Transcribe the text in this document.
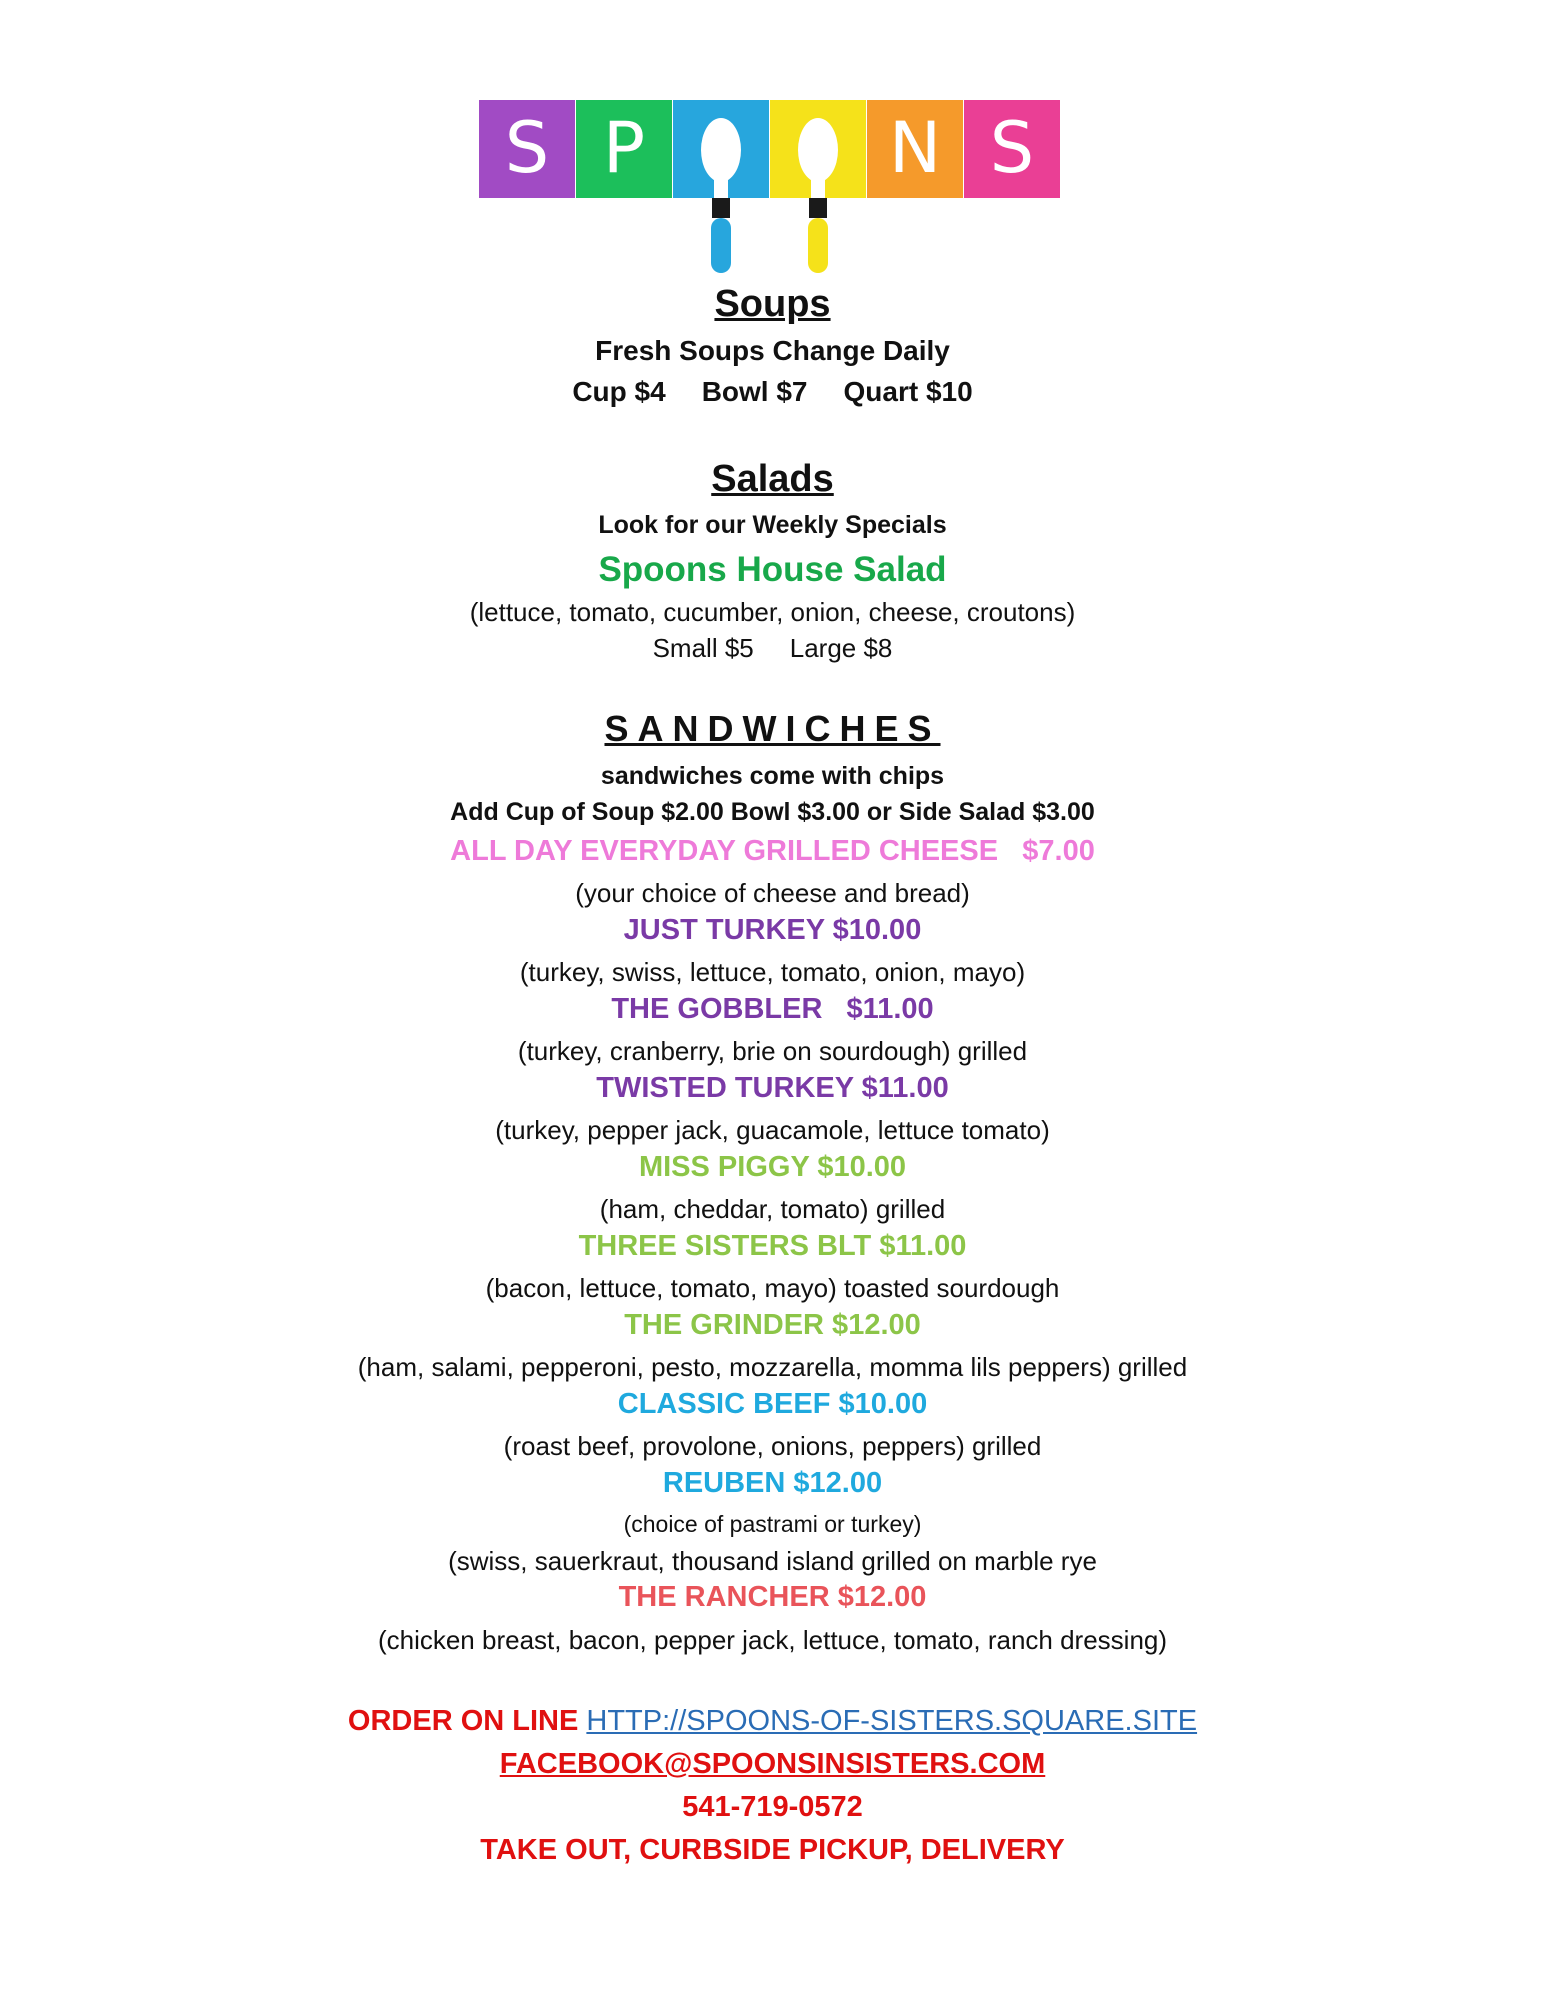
S P	N S
Soups
Fresh Soups Change Daily
Cup $4 Bowl $7 Quart $10
Salads
Look for our Weekly Specials
Spoons House Salad
(lettuce, tomato, cucumber, onion, cheese, croutons)
Small $5 Large $8
SANDWICHES
sandwiches come with chips
Add Cup of Soup $2.00 Bowl $3.00 or Side Salad $3.00
ALL DAY EVERYDAY GRILLED CHEESE   $7.00
(your choice of cheese and bread)
JUST TURKEY $10.00
(turkey, swiss, lettuce, tomato, onion, mayo)
THE GOBBLER   $11.00
(turkey, cranberry, brie on sourdough) grilled
TWISTED TURKEY $11.00
(turkey, pepper jack, guacamole, lettuce tomato)
MISS PIGGY $10.00
(ham, cheddar, tomato) grilled
THREE SISTERS BLT $11.00
(bacon, lettuce, tomato, mayo) toasted sourdough
THE GRINDER $12.00
(ham, salami, pepperoni, pesto, mozzarella, momma lils peppers) grilled
CLASSIC BEEF $10.00
(roast beef, provolone, onions, peppers) grilled
REUBEN $12.00
(choice of pastrami or turkey)
(swiss, sauerkraut, thousand island grilled on marble rye
THE RANCHER $12.00
(chicken breast, bacon, pepper jack, lettuce, tomato, ranch dressing)
ORDER ON LINE HTTP://SPOONS-OF-SISTERS.SQUARE.SITE
FACEBOOK@SPOONSINSISTERS.COM
541-719-0572
TAKE OUT, CURBSIDE PICKUP, DELIVERY
